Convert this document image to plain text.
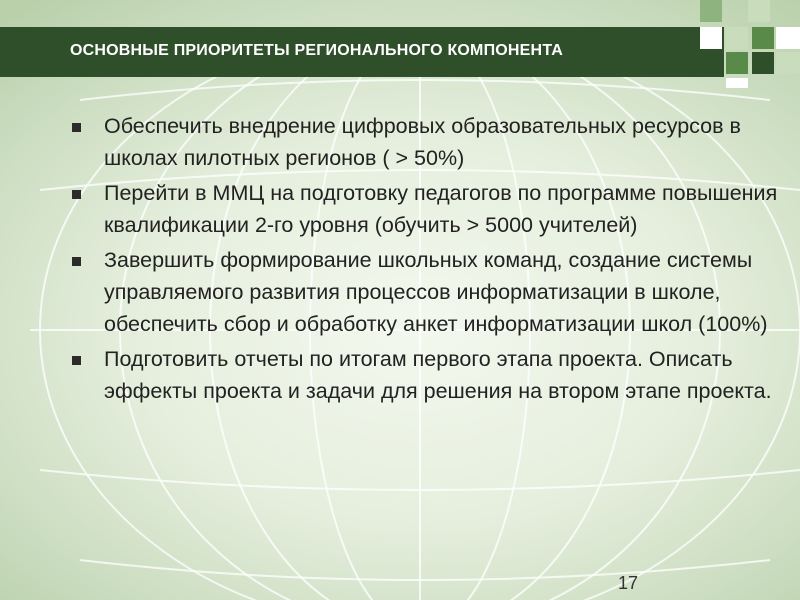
ОСНОВНЫЕ ПРИОРИТЕТЫ РЕГИОНАЛЬНОГО КОМПОНЕНТА
Обеспечить внедрение цифровых образовательных ресурсов в школах пилотных регионов ( > 50%)
Перейти в ММЦ на подготовку педагогов по программе повышения квалификации 2-го уровня (обучить > 5000 учителей)
Завершить формирование школьных команд, создание системы управляемого развития процессов информатизации в школе, обеспечить сбор и обработку анкет информатизации школ (100%)
Подготовить отчеты по итогам первого этапа проекта. Описать эффекты проекта и задачи для решения на втором этапе проекта.
17
